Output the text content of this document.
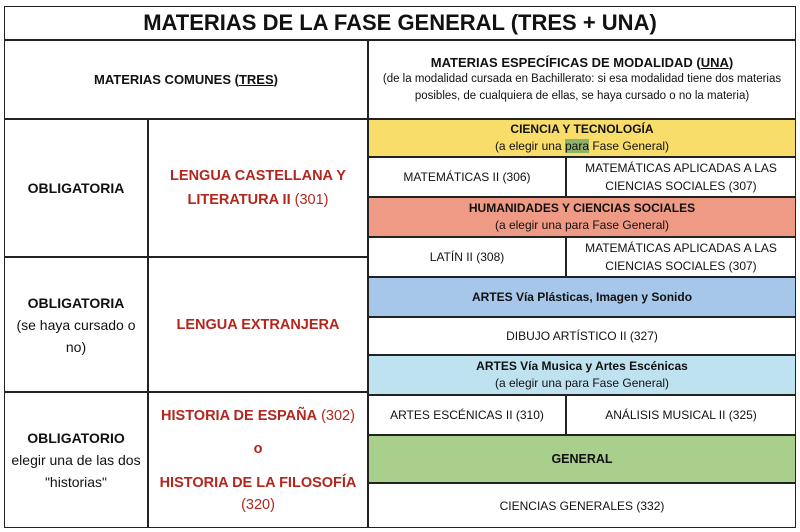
MATERIAS DE LA FASE GENERAL (TRES + UNA)
MATERIAS COMUNES ( TRES )
MATERIAS ESPECÍFICAS DE MODALIDAD (UNA)
(de la modalidad cursada en Bachillerato: si esa modalidad tiene dos materias posibles, de cualquiera de ellas, se haya cursado o no la materia)
OBLIGATORIA
LENGUA CASTELLANA Y
LITERATURA II (301)
OBLIGATORIA
(se haya cursado o no)
LENGUA EXTRANJERA
OBLIGATORIO
elegir una de las dos "historias"
HISTORIA DE ESPAÑA (302)
o
HISTORIA DE LA FILOSOFÍA
(320)
CIENCIA Y TECNOLOGÍA
(a elegir una para Fase General)
MATEMÁTICAS II (306)
MATEMÁTICAS APLICADAS A LAS CIENCIAS SOCIALES (307)
HUMANIDADES Y CIENCIAS SOCIALES
(a elegir una para Fase General)
LATÍN II (308)
MATEMÁTICAS APLICADAS A LAS CIENCIAS SOCIALES (307)
ARTES Vía Plásticas, Imagen y Sonido
DIBUJO ARTÍSTICO II (327)
ARTES Vía Musica y Artes Escénicas
(a elegir una para Fase General)
ARTES ESCÉNICAS II (310)	ANÁLISIS MUSICAL II (325)
GENERAL
CIENCIAS GENERALES (332)
